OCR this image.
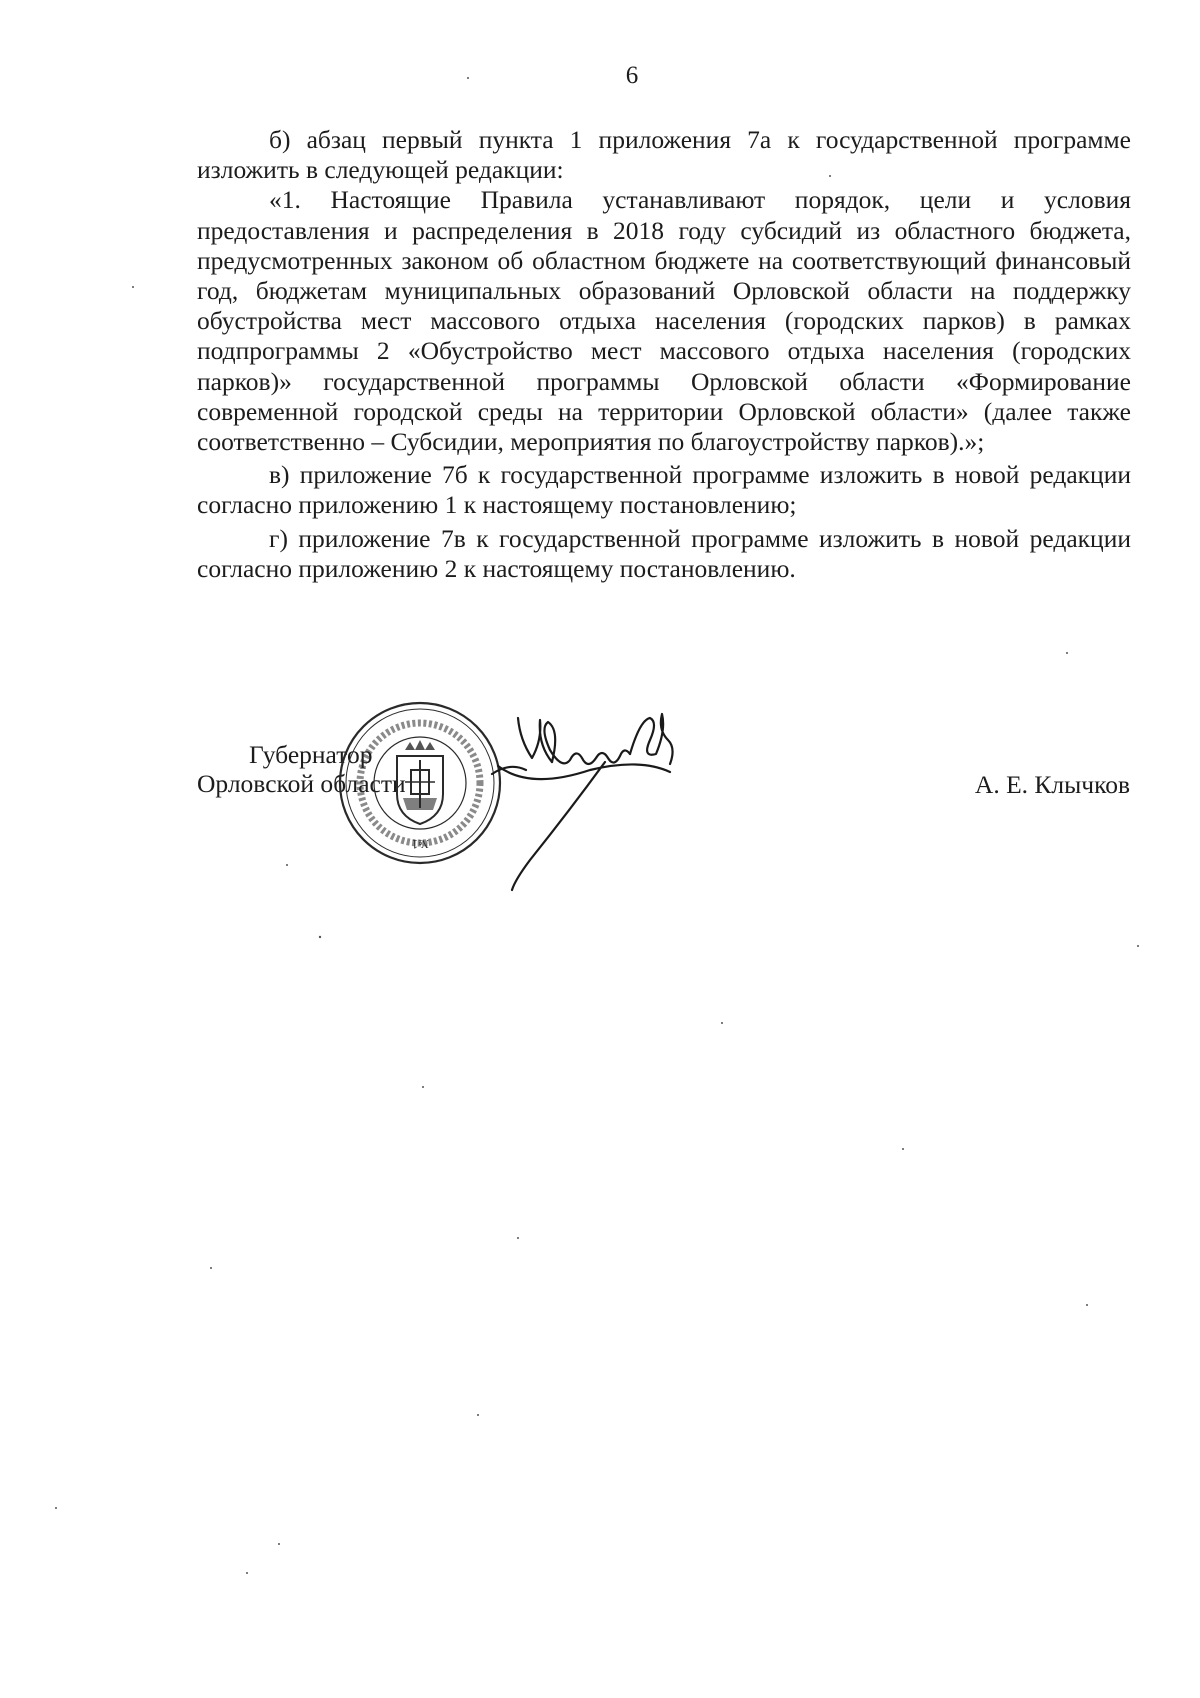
6

б) абзац первый пункта 1 приложения 7а к государственной программе изложить в следующей редакции:

«1. Настоящие Правила устанавливают порядок, цели и условия предоставления и распределения в 2018 году субсидий из областного бюджета, предусмотренных законом об областном бюджете на соответствующий финансовый год, бюджетам муниципальных образований Орловской области на поддержку обустройства мест массового отдыха населения (городских парков) в рамках подпрограммы 2 «Обустройство мест массового отдыха населения (городских парков)» государственной программы Орловской области «Формирование современной городской среды на территории Орловской области» (далее также соответственно – Субсидии, мероприятия по благоустройству парков).»;

в) приложение 7б к государственной программе изложить в новой редакции согласно приложению 1 к настоящему постановлению;

г) приложение 7в к государственной программе изложить в новой редакции согласно приложению 2 к настоящему постановлению.

Губернатор
Орловской области
№1
А. Е. Клычков
